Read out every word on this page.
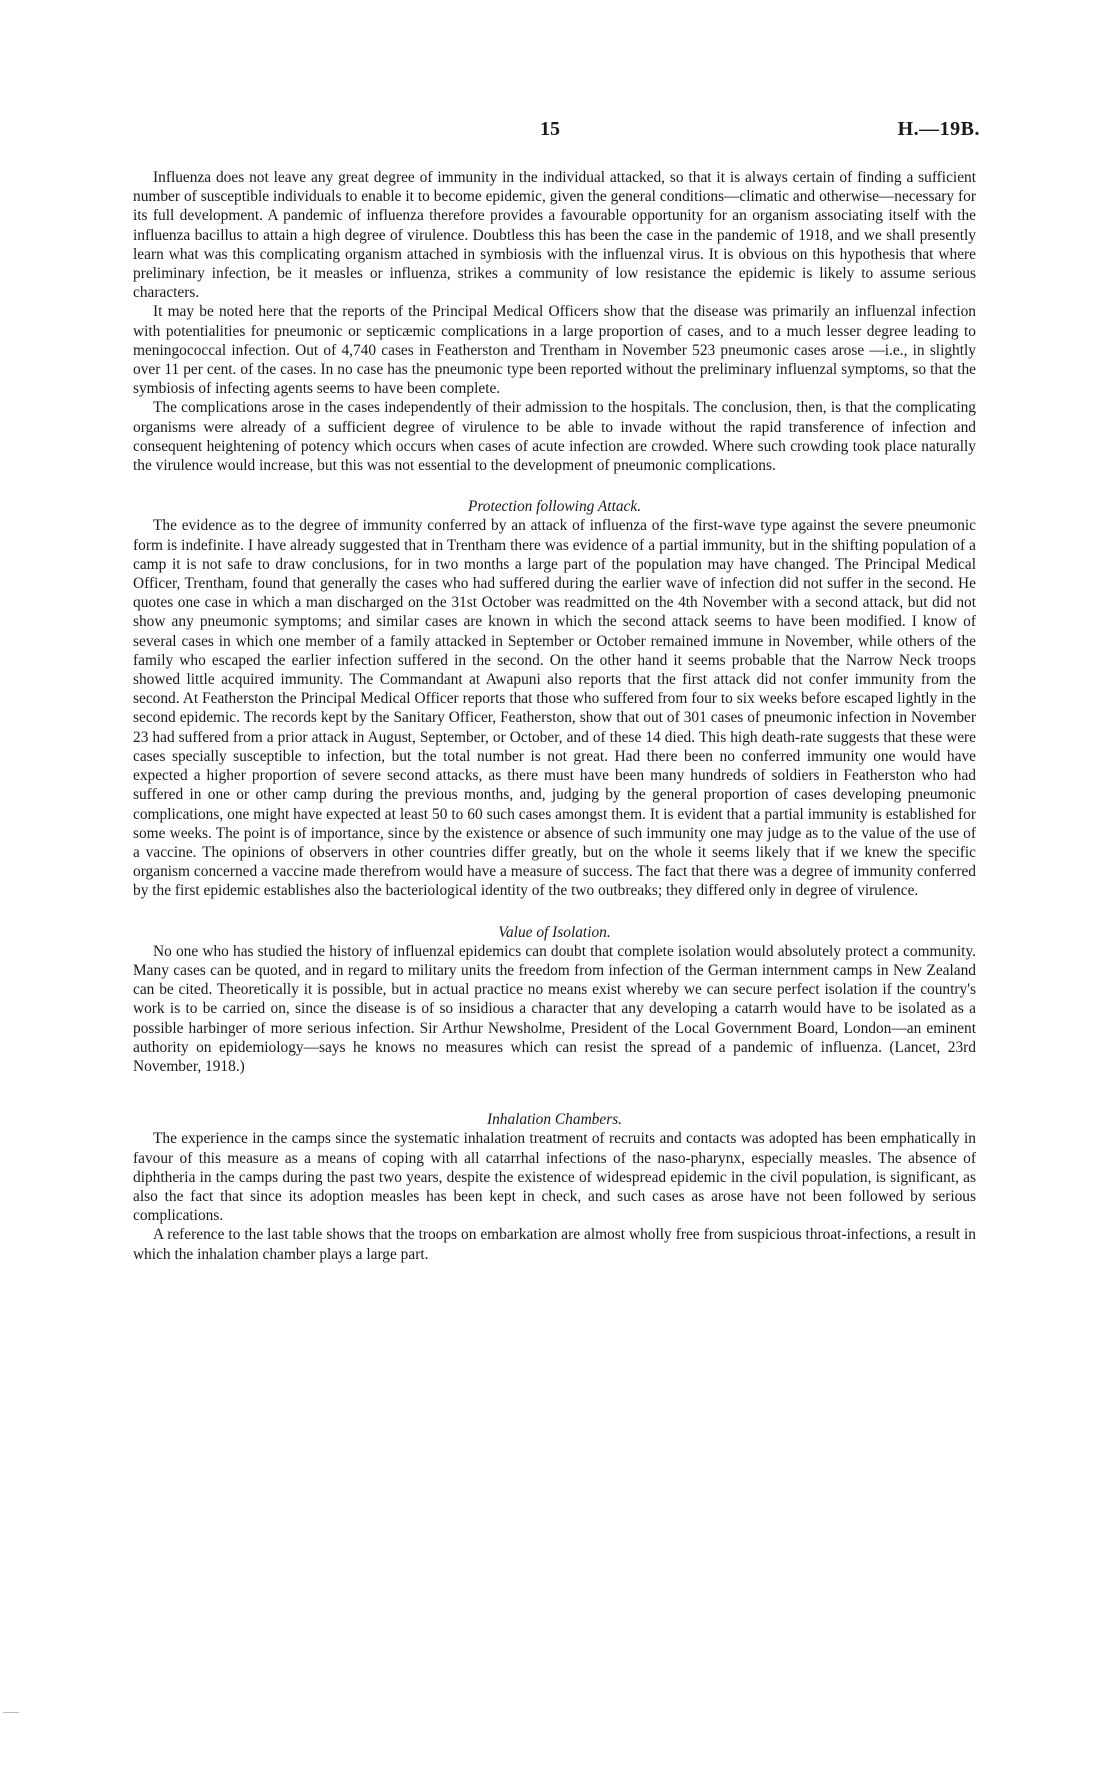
15	H.—19B.

Influenza does not leave any great degree of immunity in the individual attacked, so that it is always certain of finding a sufficient number of susceptible individuals to enable it to become epidemic, given the general conditions—climatic and otherwise—necessary for its full development. A pandemic of influenza therefore provides a favourable opportunity for an organism associating itself with the influenza bacillus to attain a high degree of virulence. Doubtless this has been the case in the pandemic of 1918, and we shall presently learn what was this complicating organism attached in symbiosis with the influenzal virus. It is obvious on this hypothesis that where preliminary infection, be it measles or influenza, strikes a community of low resistance the epidemic is likely to assume serious characters.

It may be noted here that the reports of the Principal Medical Officers show that the disease was primarily an influenzal infection with potentialities for pneumonic or septicæmic complications in a large proportion of cases, and to a much lesser degree leading to meningococcal infection. Out of 4,740 cases in Featherston and Trentham in November 523 pneumonic cases arose —i.e., in slightly over 11 per cent. of the cases. In no case has the pneumonic type been reported without the preliminary influenzal symptoms, so that the symbiosis of infecting agents seems to have been complete.

The complications arose in the cases independently of their admission to the hospitals. The conclusion, then, is that the complicating organisms were already of a sufficient degree of virulence to be able to invade without the rapid transference of infection and consequent heightening of potency which occurs when cases of acute infection are crowded. Where such crowding took place naturally the virulence would increase, but this was not essential to the development of pneumonic complications.

Protection following Attack.

The evidence as to the degree of immunity conferred by an attack of influenza of the first-wave type against the severe pneumonic form is indefinite. I have already suggested that in Trentham there was evidence of a partial immunity, but in the shifting population of a camp it is not safe to draw conclusions, for in two months a large part of the population may have changed. The Principal Medical Officer, Trentham, found that generally the cases who had suffered during the earlier wave of infection did not suffer in the second. He quotes one case in which a man discharged on the 31st October was readmitted on the 4th November with a second attack, but did not show any pneumonic symptoms; and similar cases are known in which the second attack seems to have been modified. I know of several cases in which one member of a family attacked in September or October remained immune in November, while others of the family who escaped the earlier infection suffered in the second. On the other hand it seems probable that the Narrow Neck troops showed little acquired immunity. The Commandant at Awapuni also reports that the first attack did not confer immunity from the second. At Featherston the Principal Medical Officer reports that those who suffered from four to six weeks before escaped lightly in the second epidemic. The records kept by the Sanitary Officer, Featherston, show that out of 301 cases of pneumonic infection in November 23 had suffered from a prior attack in August, September, or October, and of these 14 died. This high death-rate suggests that these were cases specially susceptible to infection, but the total number is not great. Had there been no conferred immunity one would have expected a higher proportion of severe second attacks, as there must have been many hundreds of soldiers in Featherston who had suffered in one or other camp during the previous months, and, judging by the general proportion of cases developing pneumonic complications, one might have expected at least 50 to 60 such cases amongst them. It is evident that a partial immunity is established for some weeks. The point is of importance, since by the existence or absence of such immunity one may judge as to the value of the use of a vaccine. The opinions of observers in other countries differ greatly, but on the whole it seems likely that if we knew the specific organism concerned a vaccine made therefrom would have a measure of success. The fact that there was a degree of immunity conferred by the first epidemic establishes also the bacteriological identity of the two outbreaks; they differed only in degree of virulence.

Value of Isolation.

No one who has studied the history of influenzal epidemics can doubt that complete isolation would absolutely protect a community. Many cases can be quoted, and in regard to military units the freedom from infection of the German internment camps in New Zealand can be cited. Theoretically it is possible, but in actual practice no means exist whereby we can secure perfect isolation if the country's work is to be carried on, since the disease is of so insidious a character that any developing a catarrh would have to be isolated as a possible harbinger of more serious infection. Sir Arthur Newsholme, President of the Local Government Board, London—an eminent authority on epidemiology—says he knows no measures which can resist the spread of a pandemic of influenza. (Lancet, 23rd November, 1918.)

Inhalation Chambers.

The experience in the camps since the systematic inhalation treatment of recruits and contacts was adopted has been emphatically in favour of this measure as a means of coping with all catarrhal infections of the naso-pharynx, especially measles. The absence of diphtheria in the camps during the past two years, despite the existence of widespread epidemic in the civil population, is significant, as also the fact that since its adoption measles has been kept in check, and such cases as arose have not been followed by serious complications.

A reference to the last table shows that the troops on embarkation are almost wholly free from suspicious throat-infections, a result in which the inhalation chamber plays a large part.
